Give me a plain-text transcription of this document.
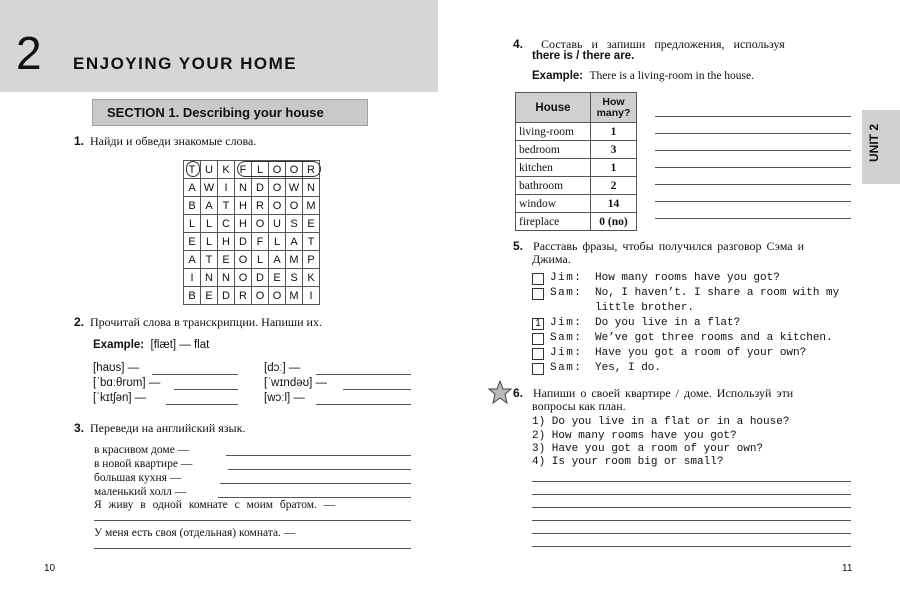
2 ENJOYING YOUR HOME
SECTION 1. Describing your house
1. Найди и обведи знакомые слова.
T	U	K	F	L	O	O	R
A	W	I	N	D	O	W	N
B	A	T	H	R	O	O	M
L	L	C	H	O	U	S	E
E	L	H	D	F	L	A	T
A	T	E	O	L	A	M	P
I	N	N	O	D	E	S	K
B	E	D	R	O	O	M	I
2. Прочитай слова в транскрипции. Напиши их.
Example: [flæt] — flat
[haʊs] —
[ˈbɑːθrʊm] —
[ˈkɪtʃən] —
[dɔː] —
[ˈwɪndəʊ] —
[wɔːl] —
3. Переведи на английский язык.
в красивом доме —
в новой квартире —
большая кухня —
маленький холл —
Я живу в одной комнате с моим братом. —
У меня есть своя (отдельная) комната. —
10
4. Составь и запиши предложения, используя
there is / there are.
Example: There is a living-room in the house.
House	How many?
living-room	1
bedroom	3
kitchen	1
bathroom	2
window	14
fireplace	0 (no)
UNIT 2
5. Расставь фразы, чтобы получился разговор Сэма и
Джима.
Jim: How many rooms have you got?
Sam: No, I haven’t. I share a room with my
little brother.
1 Jim: Do you live in a flat?
Sam: We’ve got three rooms and a kitchen.
Jim: Have you got a room of your own?
Sam: Yes, I do.
6. Напиши о своей квартире / доме. Используй эти
вопросы как план.
1) Do you live in a flat or in a house?
2) How many rooms have you got?
3) Have you got a room of your own?
4) Is your room big or small?
11
